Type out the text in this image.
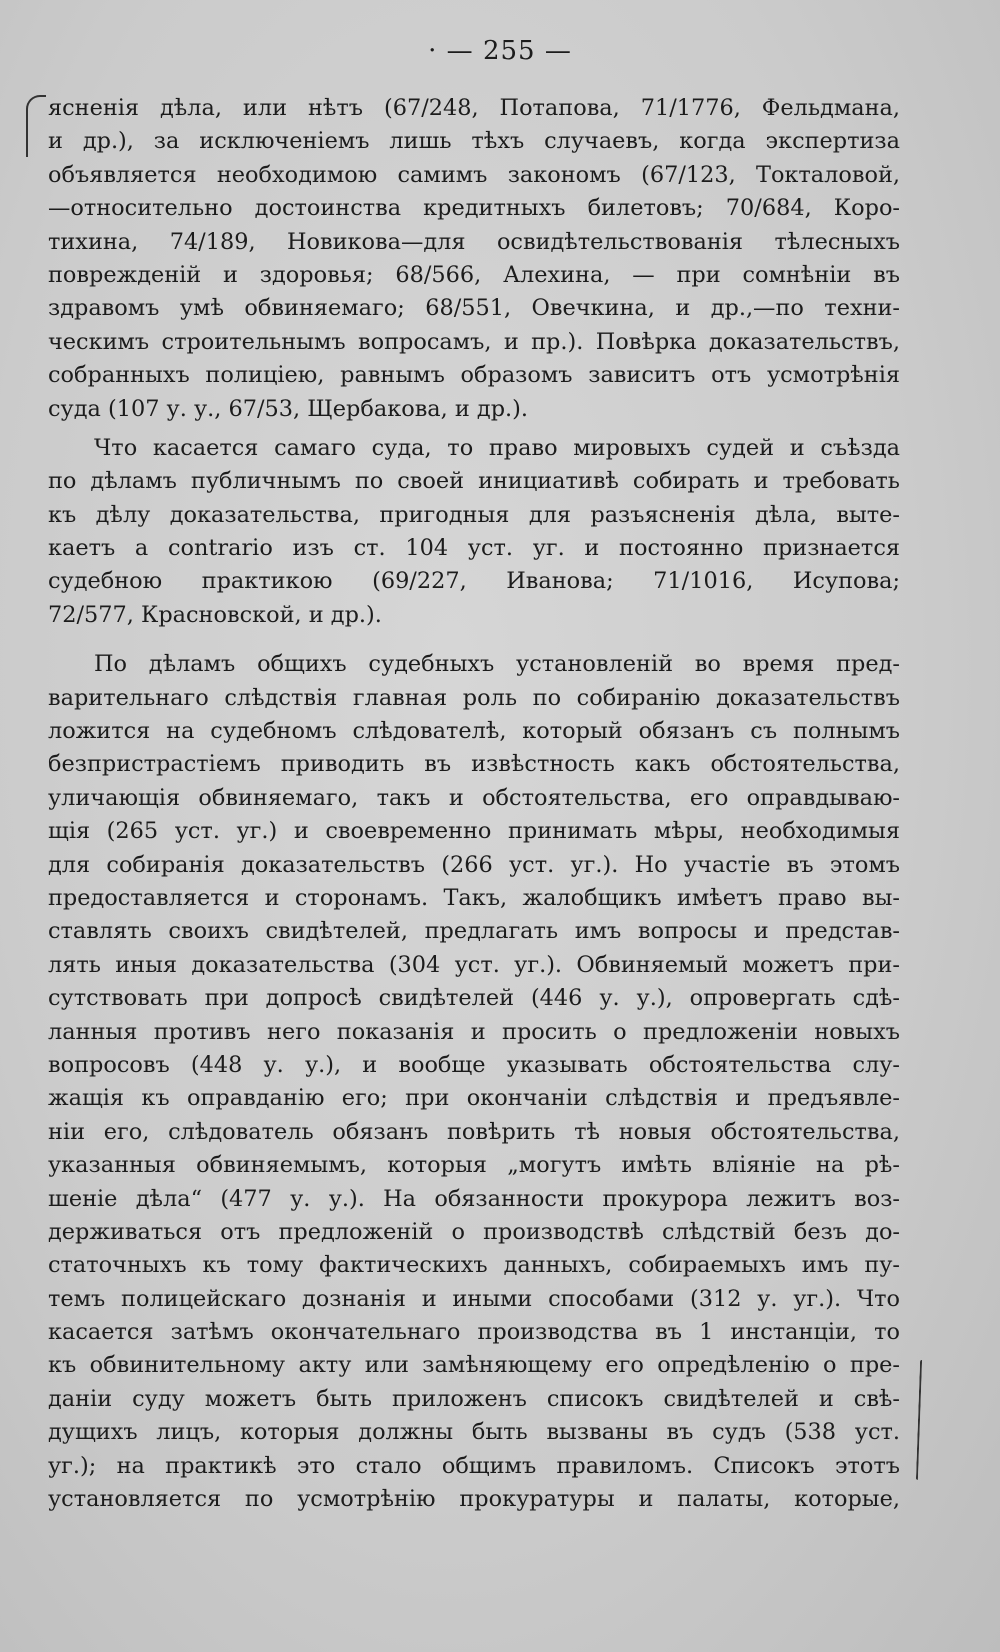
· — 255 —
ясненія дѣла, или нѣтъ (67/248, Потапова, 71/1776, Фельдмана,
и др.), за исключеніемъ лишь тѣхъ случаевъ, когда экспертиза
объявляется необходимою самимъ закономъ (67/123, Токталовой,
—относительно достоинства кредитныхъ билетовъ; 70/684, Коро-
тихина, 74/189, Новикова—для освидѣтельствованія тѣлесныхъ
поврежденій и здоровья; 68/566, Алехина, — при сомнѣніи въ
здравомъ умѣ обвиняемаго; 68/551, Овечкина, и др.,—по техни-
ческимъ строительнымъ вопросамъ, и пр.). Повѣрка доказательствъ,
собранныхъ полиціею, равнымъ образомъ зависитъ отъ усмотрѣнія
суда (107 у. у., 67/53, Щербакова, и др.).
Что касается самаго суда, то право мировыхъ судей и съѣзда
по дѣламъ публичнымъ по своей инициативѣ собирать и требовать
къ дѣлу доказательства, пригодныя для разъясненія дѣла, выте-
каетъ a contrario изъ ст. 104 уст. уг. и постоянно признается
судебною практикою (69/227, Иванова; 71/1016, Исупова;
72/577, Красновской, и др.).
По дѣламъ общихъ судебныхъ установленій во время пред-
варительнаго слѣдствія главная роль по собиранію доказательствъ
ложится на судебномъ слѣдователѣ, который обязанъ съ полнымъ
безпристрастіемъ приводить въ извѣстность какъ обстоятельства,
уличающія обвиняемаго, такъ и обстоятельства, его оправдываю-
щія (265 уст. уг.) и своевременно принимать мѣры, необходимыя
для собиранія доказательствъ (266 уст. уг.). Но участіе въ этомъ
предоставляется и сторонамъ. Такъ, жалобщикъ имѣетъ право вы-
ставлять своихъ свидѣтелей, предлагать имъ вопросы и представ-
лять иныя доказательства (304 уст. уг.). Обвиняемый можетъ при-
сутствовать при допросѣ свидѣтелей (446 у. у.), опровергать сдѣ-
ланныя противъ него показанія и просить о предложеніи новыхъ
вопросовъ (448 у. у.), и вообще указывать обстоятельства слу-
жащія къ оправданію его; при окончаніи слѣдствія и предъявле-
ніи его, слѣдователь обязанъ повѣрить тѣ новыя обстоятельства,
указанныя обвиняемымъ, которыя „могутъ имѣть вліяніе на рѣ-
шеніе дѣла“ (477 у. у.). На обязанности прокурора лежитъ воз-
держиваться отъ предложеній о производствѣ слѣдствій безъ до-
статочныхъ къ тому фактическихъ данныхъ, собираемыхъ имъ пу-
темъ полицейскаго дознанія и иными способами (312 у. уг.). Что
касается затѣмъ окончательнаго производства въ 1 инстанціи, то
къ обвинительному акту или замѣняющему его опредѣленію о пре-
даніи суду можетъ быть приложенъ списокъ свидѣтелей и свѣ-
дущихъ лицъ, которыя должны быть вызваны въ судъ (538 уст.
уг.); на практикѣ это стало общимъ правиломъ. Списокъ этотъ
установляется по усмотрѣнію прокуратуры и палаты, которые,
